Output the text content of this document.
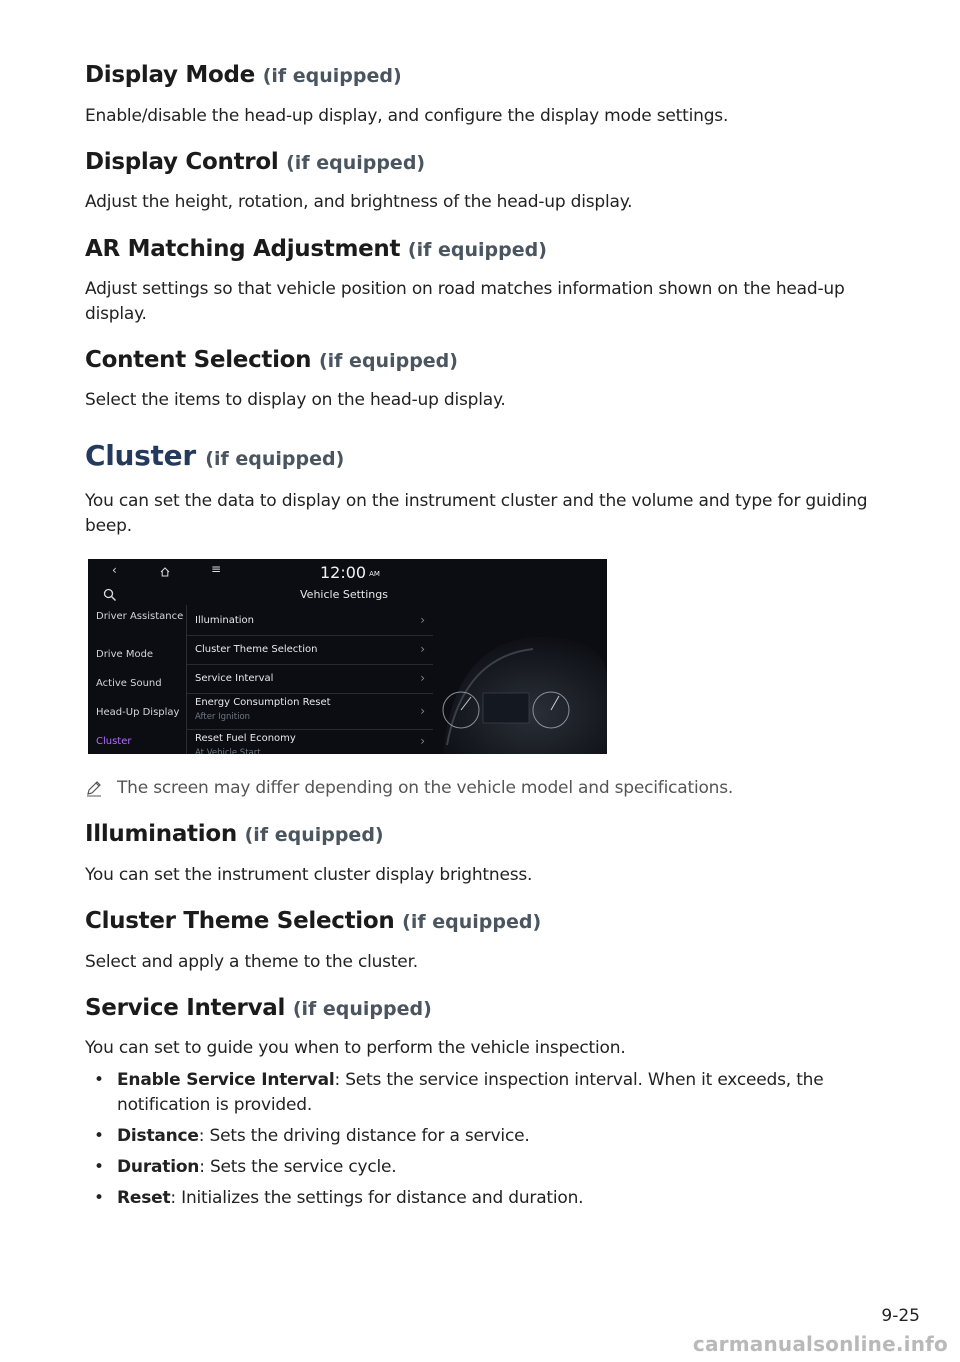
Display Mode (if equipped)
Enable/disable the head-up display, and configure the display mode settings.
Display Control (if equipped)
Adjust the height, rotation, and brightness of the head-up display.
AR Matching Adjustment (if equipped)
Adjust settings so that vehicle position on road matches information shown on the head-up display.
Content Selection (if equipped)
Select the items to display on the head-up display.
Cluster (if equipped)
You can set the data to display on the instrument cluster and the volume and type for guiding beep.
The screen may differ depending on the vehicle model and specifications.
Illumination (if equipped)
You can set the instrument cluster display brightness.
Cluster Theme Selection (if equipped)
Select and apply a theme to the cluster.
Service Interval (if equipped)
You can set to guide you when to perform the vehicle inspection.
• Enable Service Interval: Sets the service inspection interval. When it exceeds, the notification is provided.
• Distance: Sets the driving distance for a service.
• Duration: Sets the service cycle.
• Reset: Initializes the settings for distance and duration.
‹	≡	12:00 AM
Vehicle Settings
Driver Assistance
Drive Mode
Active Sound
Head-Up Display
Cluster
Illumination	›
Cluster Theme Selection	›
Service Interval	›
Energy Consumption Reset
After Ignition	›
Reset Fuel Economy
At Vehicle Start
›
9-25
carmanualsonline.info
